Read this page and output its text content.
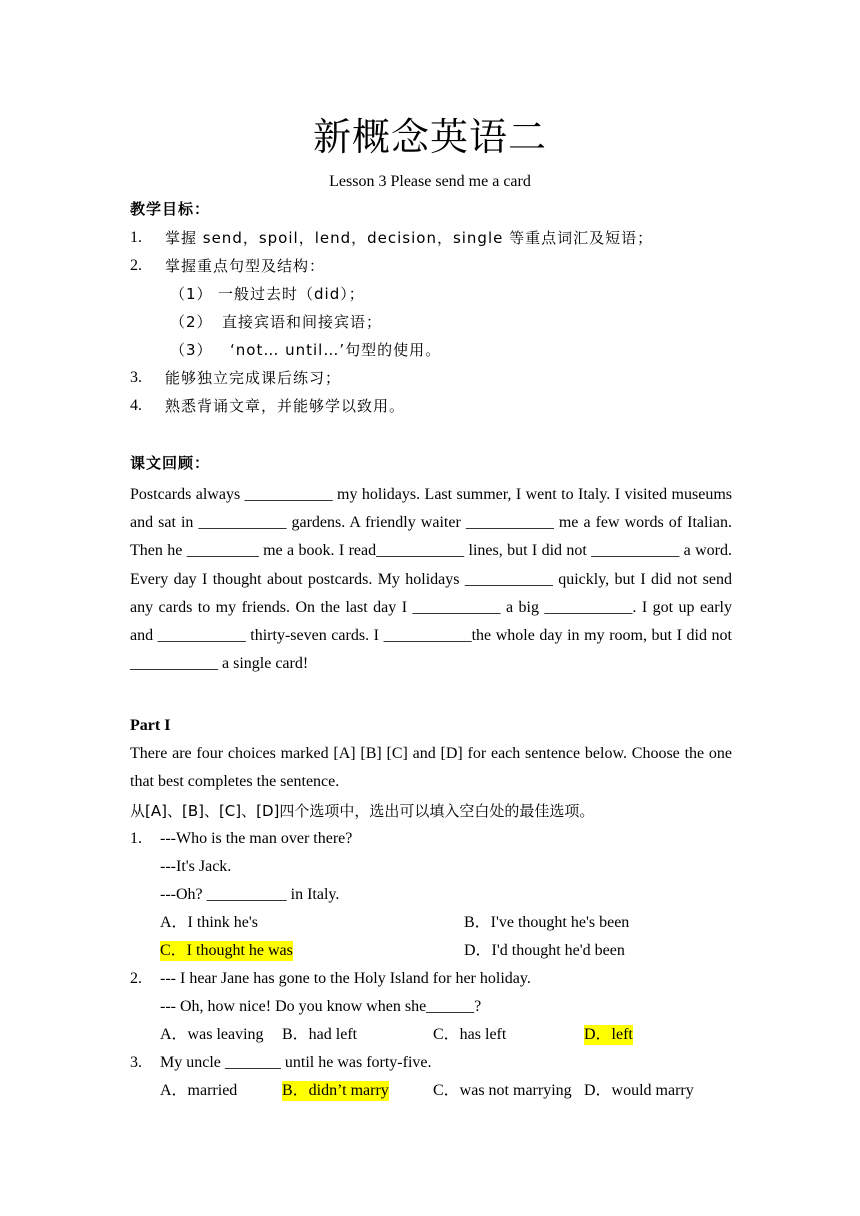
新概念英语二
Lesson 3 Please send me a card
教学目标：
1. 掌握 send，spoil，lend，decision，single 等重点词汇及短语；
2. 掌握重点句型及结构：
（1） 一般过去时（did）；
（2） 直接宾语和间接宾语；
（3） ‘not… until…’句型的使用。
3. 能够独立完成课后练习；
4. 熟悉背诵文章，并能够学以致用。
课文回顾：
Postcards always ___________ my holidays. Last summer, I went to Italy. I visited museums and sat in ___________ gardens. A friendly waiter ___________ me a few words of Italian. Then he _________ me a book. I read___________ lines, but I did not ___________ a word. Every day I thought about postcards. My holidays ___________ quickly, but I did not send any cards to my friends. On the last day I ___________ a big ___________. I got up early and ___________ thirty-seven cards. I ___________the whole day in my room, but I did not ___________ a single card!
Part I
There are four choices marked [A] [B] [C] and [D] for each sentence below. Choose the one that best completes the sentence.
从[A]、[B]、[C]、[D]四个选项中，选出可以填入空白处的最佳选项。
1. ---Who is the man over there?
---It's Jack.
---Oh? __________ in Italy.
A．I think he's	B．I've thought he's been
C．I thought he was	D．I'd thought he'd been
2. --- I hear Jane has gone to the Holy Island for her holiday.
--- Oh, how nice! Do you know when she______?
A．was leaving B．had left	C．has left	D．left
3. My uncle _______ until he was forty-five.
A．married	B．didn’t marry	C．was not marrying D．would marry
